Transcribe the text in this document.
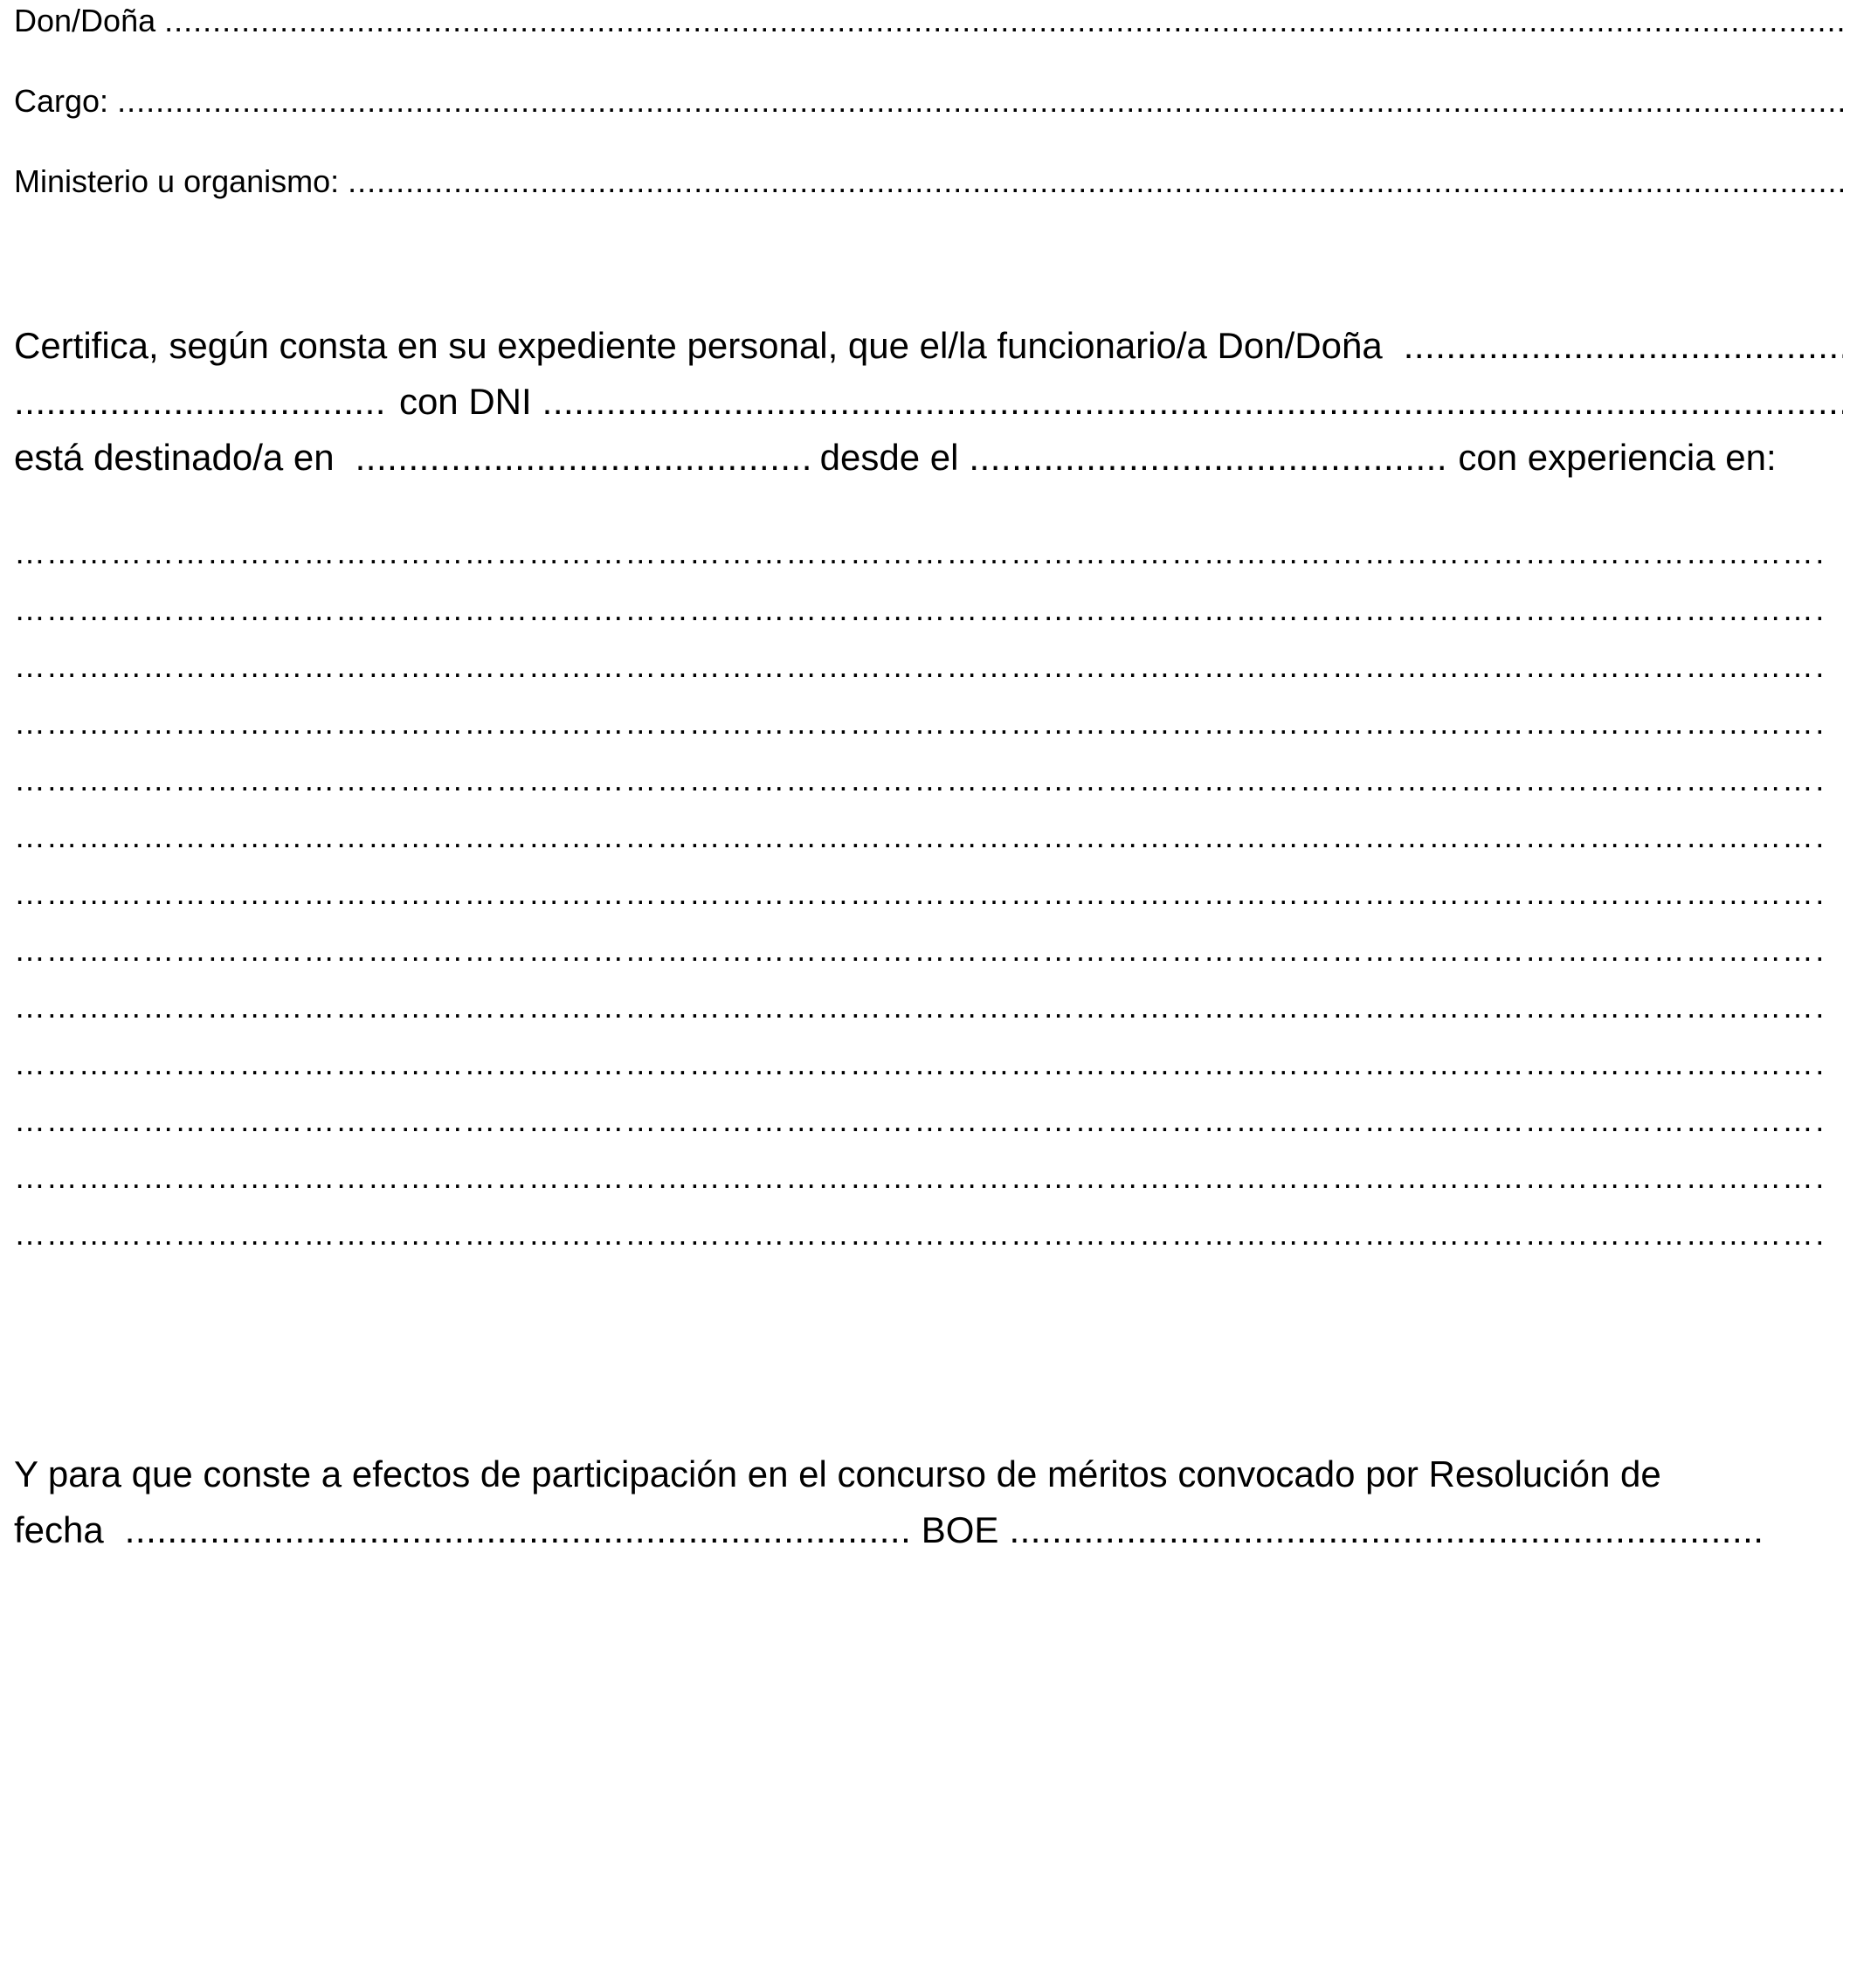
Don/Doña
.....
Cargo:
.....
Ministerio u organismo:
.....
Certifica, según consta en su expediente personal, que el/la funcionario/a Don/Doña
.....
.....
con DNI
.....
está destinado/a en .....	desde el .....	con experiencia en:
…………………………………………………………………………………………………………………………………………………………………………………………………………………………………………………………………………………
…………………………………………………………………………………………………………………………………………………………………………………………………………………………………………………………………………………
…………………………………………………………………………………………………………………………………………………………………………………………………………………………………………………………………………………
…………………………………………………………………………………………………………………………………………………………………………………………………………………………………………………………………………………
…………………………………………………………………………………………………………………………………………………………………………………………………………………………………………………………………………………
…………………………………………………………………………………………………………………………………………………………………………………………………………………………………………………………………………………
…………………………………………………………………………………………………………………………………………………………………………………………………………………………………………………………………………………
…………………………………………………………………………………………………………………………………………………………………………………………………………………………………………………………………………………
…………………………………………………………………………………………………………………………………………………………………………………………………………………………………………………………………………………
…………………………………………………………………………………………………………………………………………………………………………………………………………………………………………………………………………………
…………………………………………………………………………………………………………………………………………………………………………………………………………………………………………………………………………………
…………………………………………………………………………………………………………………………………………………………………………………………………………………………………………………………………………………
…………………………………………………………………………………………………………………………………………………………………………………………………………………………………………………………………………………
Y para que conste a efectos de participación en el concurso de méritos convocado por Resolución de
fecha .....	BOE
.....
